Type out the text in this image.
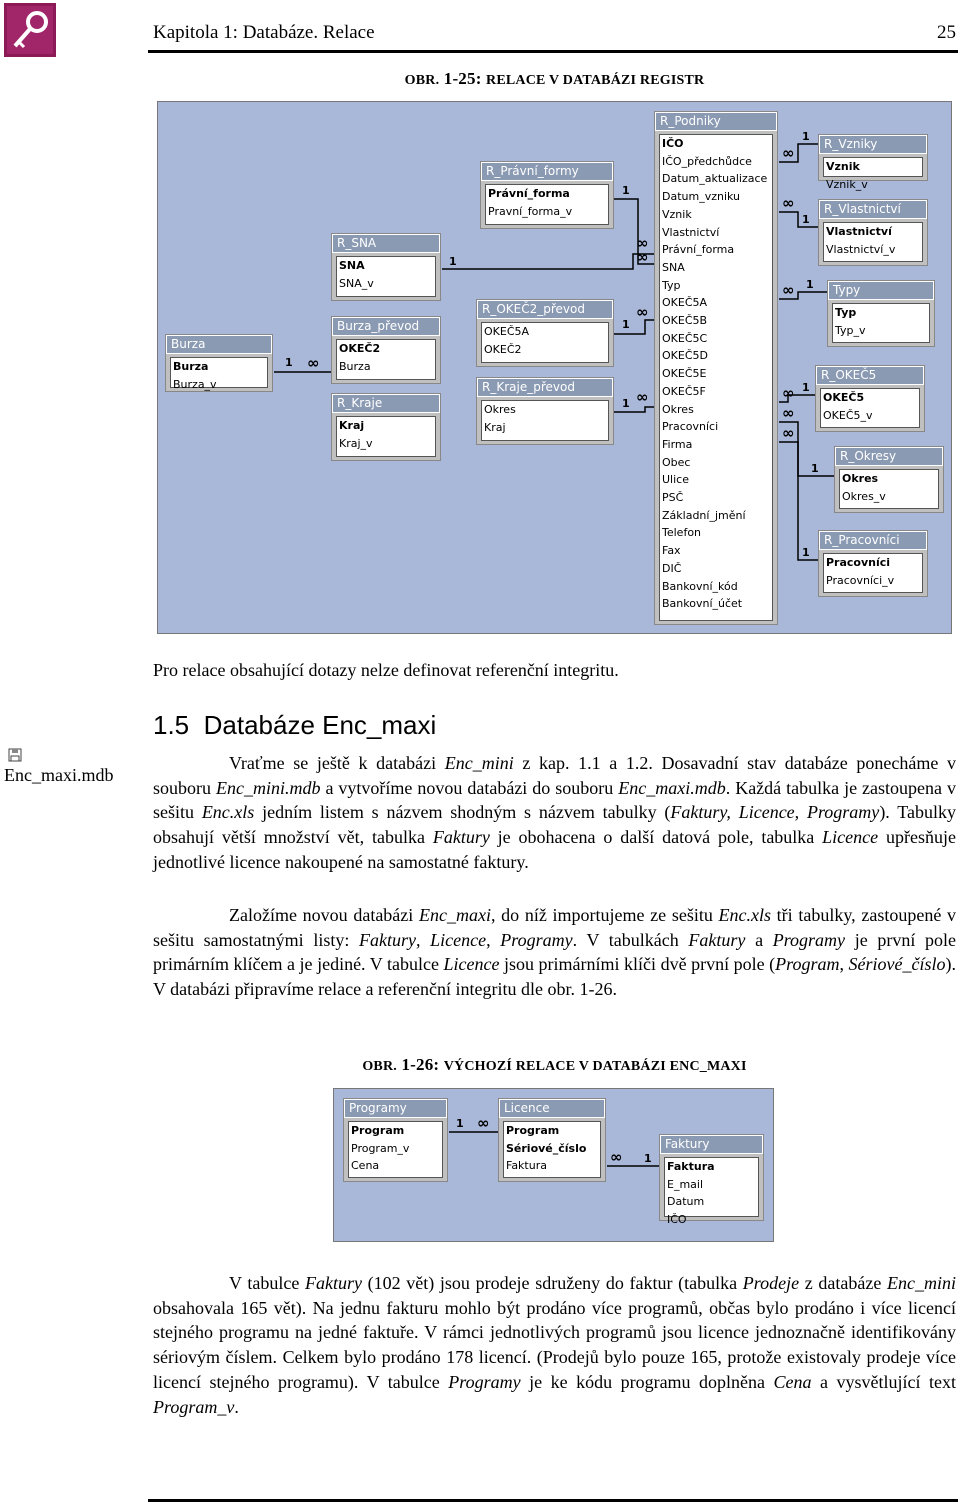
Kapitola 1: Databáze. Relace	25
OBR. 1-25: RELACE V DATABÁZI REGISTR
Burza
Burza
Burza_v
R_SNA
SNA
SNA_v
Burza_převod
OKEČ2
Burza
R_Kraje
Kraj
Kraj_v
R_Právní_formy
Právní_forma
Pravní_forma_v
R_OKEČ2_převod
OKEČ5A
OKEČ2
R_Kraje_převod
Okres
Kraj
R_Podniky
IČO
IČO_předchůdce
Datum_aktualizace
Datum_vzniku
Vznik
Vlastnictví
Právní_forma
SNA
Typ
OKEČ5A
OKEČ5B
OKEČ5C
OKEČ5D
OKEČ5E
OKEČ5F
Okres
Pracovníci
Firma
Obec
Ulice
PSČ
Základní_jmění
Telefon
Fax
DIČ
Bankovní_kód
Bankovní_účet
R_Vzniky
Vznik
Vznik_v
R_Vlastnictví
Vlastnictví
Vlastnictví_v
Typy
Typ
Typ_v
R_OKEČ5
OKEČ5
OKEČ5_v
R_Okresy
Okres
Okres_v
R_Pracovníci
Pracovníci
Pracovníci_v
1 ∞
1
∞
1
∞
1
∞
1 ∞
1
∞
1
∞
1
∞
1
∞
1
∞
1
∞
Pro relace obsahující dotazy nelze definovat referenční integritu.
1.5 Databáze Enc_maxi
Enc_maxi.mdb
Vraťme se ještě k databázi Enc_mini z kap. 1.1 a 1.2. Dosavadní stav databáze ponecháme v souboru Enc_mini.mdb a vytvoříme novou databázi do souboru Enc_maxi.mdb. Každá tabulka je zastoupena v sešitu Enc.xls jedním listem s názvem shodným s názvem tabulky (Faktury, Licence, Programy). Tabulky obsahují větší množství vět, tabulka Faktury je obohacena o další datová pole, tabulka Licence upřesňuje jednotlivé licence nakoupené na samostatné faktury.
Založíme novou databázi Enc_maxi, do níž importujeme ze sešitu Enc.xls tři tabulky, zastoupené v sešitu samostatnými listy: Faktury, Licence, Programy. V tabulkách Faktury a Programy je první pole primárním klíčem a je jediné. V tabulce Licence jsou primárními klíči dvě první pole (Program, Sériové_číslo). V databázi připravíme relace a referenční integritu dle obr. 1-26.
OBR. 1-26: VÝCHOZÍ RELACE V DATABÁZI ENC_MAXI
Programy
Program
Program_v
Cena
Licence
Program
Sériové_číslo
Faktura
Faktury
Faktura
E_mail
Datum
IČO
1 ∞
1
∞
V tabulce Faktury (102 vět) jsou prodeje sdruženy do faktur (tabulka Prodeje z databáze Enc_mini obsahovala 165 vět). Na jednu fakturu mohlo být prodáno více programů, občas bylo prodáno i více licencí stejného programu na jedné faktuře. V rámci jednotlivých programů jsou licence jednoznačně identifikovány sériovým číslem. Celkem bylo prodáno 178 licencí. (Prodejů bylo pouze 165, protože existovaly prodeje více licencí stejného programu). V tabulce Programy je ke kódu programu doplněna Cena a vysvětlující text Program_v.
